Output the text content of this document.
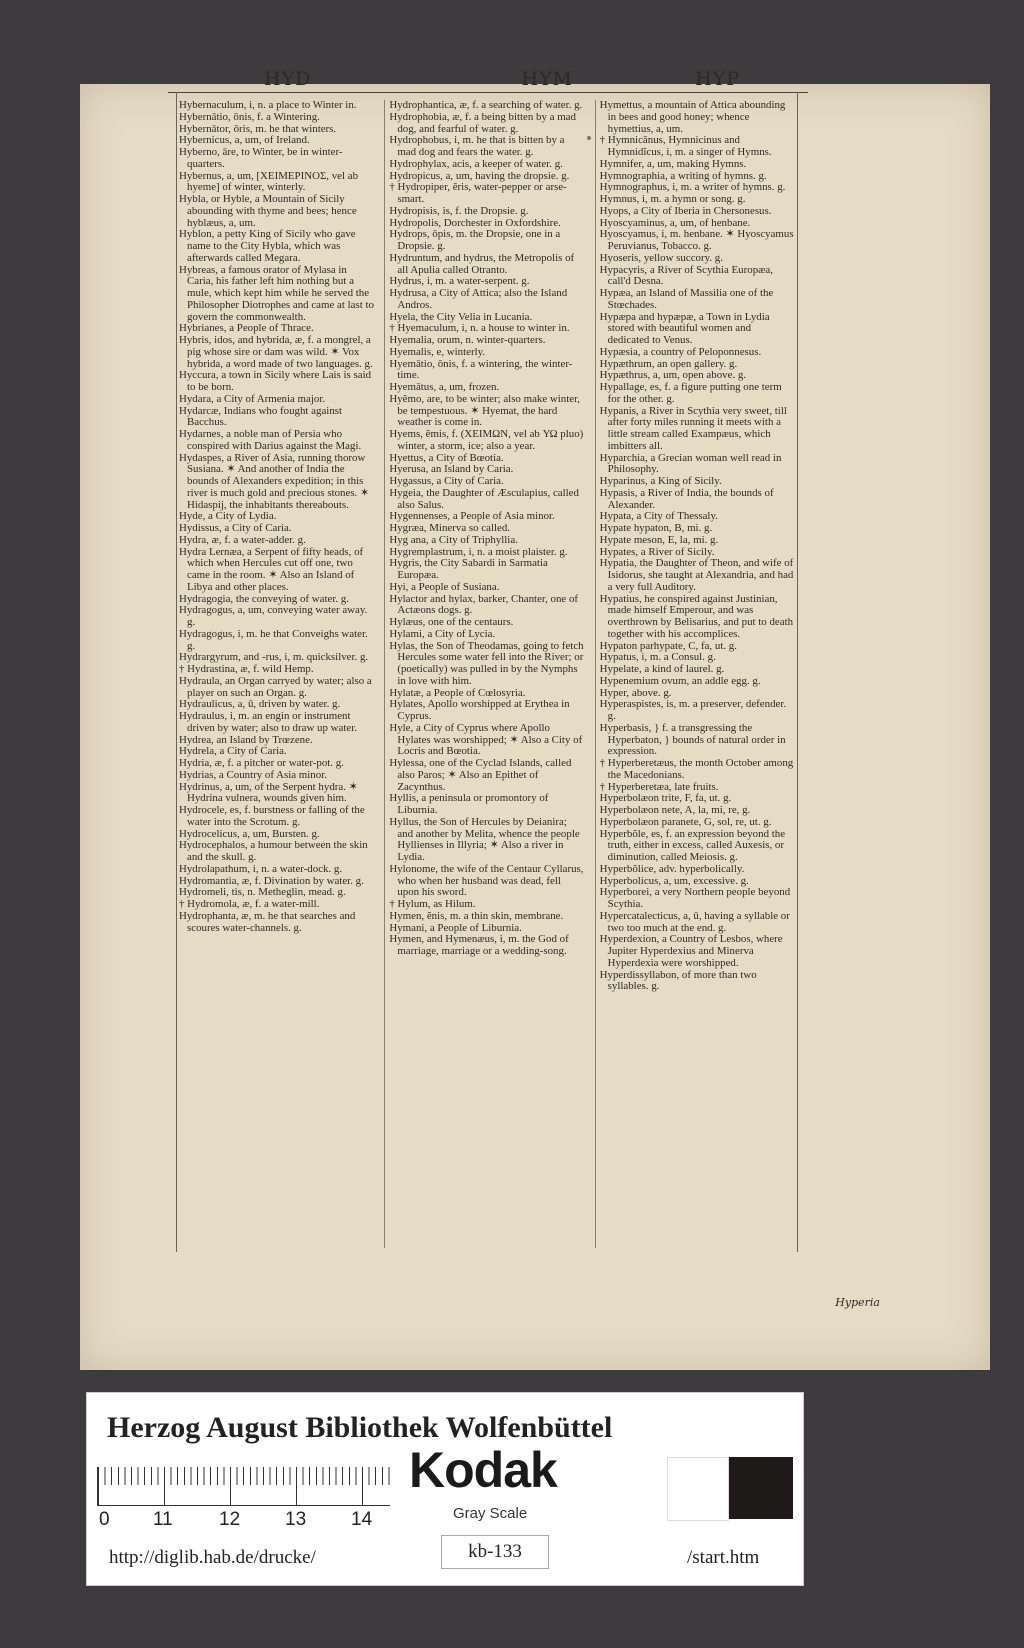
HYD	HYM	HYP

Hybernaculum, i, n. a place to Winter in.

Hybernātio, ōnis, f. a Wintering.

Hybernātor, ōris, m. he that winters.

Hybernicus, a, um, of Ireland.

Hyberno, āre, to Winter, be in winter-quarters.

Hybernus, a, um, [ΧΕΙΜΕΡΙΝΟΣ, vel ab hyeme] of winter, winterly.

Hybla, or Hyble, a Mountain of Sicily abounding with thyme and bees; hence hyblæus, a, um.

Hyblon, a petty King of Sicily who gave name to the City Hybla, which was afterwards called Megara.

Hybreas, a famous orator of Mylasa in Caria, his father left him nothing but a mule, which kept him while he served the Philosopher Diotrophes and came at last to govern the commonwealth.

Hybrianes, a People of Thrace.

Hybris, idos, and hybrida, æ, f. a mongrel, a pig whose sire or dam was wild. ✶ Vox hybrida, a word made of two languages. g.

Hyccura, a town in Sicily where Lais is said to be born.

Hydara, a City of Armenia major.

Hydarcæ, Indians who fought against Bacchus.

Hydarnes, a noble man of Persia who conspired with Darius against the Magi.

Hydaspes, a River of Asia, running thorow Susiana. ✶ And another of India the bounds of Alexanders expedition; in this river is much gold and precious stones. ✶ Hidaspij, the inhabitants thereabouts.

Hyde, a City of Lydia.

Hydissus, a City of Caria.

Hydra, æ, f. a water-adder. g.

Hydra Lernæa, a Serpent of fifty heads, of which when Hercules cut off one, two came in the room. ✶ Also an Island of Libya and other places.

Hydragogia, the conveying of water. g.

Hydragogus, a, um, conveying water away. g.

Hydragogus, i, m. he that Conveighs water. g.

Hydrargyrum, and -rus, i, m. quicksilver. g.

† Hydrastina, æ, f. wild Hemp.

Hydraula, an Organ carryed by water; also a player on such an Organ. g.

Hydraulicus, a, ū, driven by water. g.

Hydraulus, i, m. an engin or instrument driven by water; also to draw up water.

Hydrea, an Island by Trœzene.

Hydrela, a City of Caria.

Hydria, æ, f. a pitcher or water-pot. g.

Hydrias, a Country of Asia minor.

Hydrinus, a, um, of the Serpent hydra. ✶ Hydrina vulnera, wounds given him.

Hydrocele, es, f. burstness or falling of the water into the Scrotum. g.

Hydrocelicus, a, um, Bursten. g.

Hydrocephalos, a humour between the skin and the skull. g.

Hydrolapathum, i, n. a water-dock. g.

Hydromantia, æ, f. Divination by water. g.

Hydromeli, tis, n. Metheglin, mead. g.

† Hydromola, æ, f. a water-mill.

Hydrophanta, æ, m. he that searches and scoures water-channels. g.

Hydrophantica, æ, f. a searching of water. g.

Hydrophobia, æ, f. a being bitten by a mad dog, and fearful of water. g.

Hydrophobus, i, m. he that is bitten by a mad dog and fears the water. g.

Hydrophylax, acis, a keeper of water. g.

Hydropicus, a, um, having the dropsie. g.

† Hydropiper, ĕris, water-pepper or arse-smart.

Hydropisis, is, f. the Dropsie. g.

Hydropolis, Dorchester in Oxfordshire.

Hydrops, ōpis, m. the Dropsie, one in a Dropsie. g.

Hydruntum, and hydrus, the Metropolis of all Apulia called Otranto.

Hydrus, i, m. a water-serpent. g.

Hydrusa, a City of Attica; also the Island Andros.

Hyela, the City Velia in Lucania.

† Hyemaculum, i, n. a house to winter in.

Hyemalia, orum, n. winter-quarters.

Hyemalis, e, winterly.

Hyemātio, ōnis, f. a wintering, the winter-time.

Hyemātus, a, um, frozen.

Hyĕmo, are, to be winter; also make winter, be tempestuous. ✶ Hyemat, the hard weather is come in.

Hyems, ĕmis, f. (ΧΕΙΜΩΝ, vel ab ΥΩ pluo) winter, a storm, ice; also a year.

Hyettus, a City of Bœotia.

Hyerusa, an Island by Caria.

Hygassus, a City of Caria.

Hygeia, the Daughter of Æsculapius, called also Salus.

Hygennenses, a People of Asia minor.

Hygræa, Minerva so called.

Hyg ana, a City of Triphyllia.

Hygremplastrum, i, n. a moist plaister. g.

Hygris, the City Sabardi in Sarmatia Europæa.

Hyi, a People of Susiana.

Hylactor and hylax, barker, Chanter, one of Actæons dogs. g.

Hylæus, one of the centaurs.

Hylami, a City of Lycia.

Hylas, the Son of Theodamas, going to fetch Hercules some water fell into the River; or (poetically) was pulled in by the Nymphs in love with him.

Hylatæ, a People of Cœlosyria.

Hylates, Apollo worshipped at Erythea in Cyprus.

Hyle, a City of Cyprus where Apollo Hylates was worshipped; ✶ Also a City of Locris and Bœotia.

Hylessa, one of the Cyclad Islands, called also Paros; ✶ Also an Epithet of Zacynthus.

Hyllis, a peninsula or promontory of Liburnia.

Hyllus, the Son of Hercules by Deianira; and another by Melita, whence the people Hyllienses in Illyria; ✶ Also a river in Lydia.

Hylonome, the wife of the Centaur Cyllarus, who when her husband was dead, fell upon his sword.

† Hylum, as Hilum.

Hymen, ĕnis, m. a thin skin, membrane.

Hymani, a People of Liburnia.

Hymen, and Hymenæus, i, m. the God of marriage, marriage or a wedding-song.

Hymettus, a mountain of Attica abounding in bees and good honey; whence hymettius, a, um.

† Hymnicānus, Hymnicinus and Hymnidĭcus, i, m. a singer of Hymns.

Hymnifer, a, um, making Hymns.

Hymnographia, a writing of hymns. g.

Hymnographus, i, m. a writer of hymns. g.

Hymnus, i, m. a hymn or song. g.

Hyops, a City of Iberia in Chersonesus.

Hyoscyaminus, a, um, of henbane.

Hyoscyamus, i, m. henbane. ✶ Hyoscyamus Peruvianus, Tobacco. g.

Hyoseris, yellow succory. g.

Hypacyris, a River of Scythia Europæa, call'd Desna.

Hypæa, an Island of Massilia one of the Stœchades.

Hypæpa and hypæpæ, a Town in Lydia stored with beautiful women and dedicated to Venus.

Hypæsia, a country of Peloponnesus.

Hypæthrum, an open gallery. g.

Hypæthrus, a, um, open above. g.

Hypallage, es, f. a figure putting one term for the other. g.

Hypanis, a River in Scythia very sweet, till after forty miles running it meets with a little stream called Exampæus, which imbitters all.

Hyparchia, a Grecian woman well read in Philosophy.

Hyparinus, a King of Sicily.

Hypasis, a River of India, the bounds of Alexander.

Hypata, a City of Thessaly.

Hypate hypaton, B, mi. g.

Hypate meson, E, la, mi. g.

Hypates, a River of Sicily.

Hypatia, the Daughter of Theon, and wife of Isidorus, she taught at Alexandria, and had a very full Auditory.

Hypatius, he conspired against Justinian, made himself Emperour, and was overthrown by Belisarius, and put to death together with his accomplices.

Hypaton parhypate, C, fa, ut. g.

Hypatus, i, m. a Consul. g.

Hypelate, a kind of laurel. g.

Hypenemium ovum, an addle egg. g.

Hyper, above. g.

Hyperaspistes, is, m. a preserver, defender. g.

Hyperbasis, } f. a transgressing the Hyperbaton, } bounds of natural order in expression.

† Hyperberetæus, the month October among the Macedonians.

† Hyperberetæa, late fruits.

Hyperbolæon trite, F, fa, ut. g.

Hyperbolæon nete, A, la, mi, re, g.

Hyperbolæon paranete, G, sol, re, ut. g.

Hyperbŏle, es, f. an expression beyond the truth, either in excess, called Auxesis, or diminution, called Meiosis. g.

Hyperbŏlice, adv. hyperbolically.

Hyperbolicus, a, um, excessive. g.

Hyperborei, a very Northern people beyond Scythia.

Hypercatalecticus, a, ū, having a syllable or two too much at the end. g.

Hyperdexion, a Country of Lesbos, where Jupiter Hyperdexius and Minerva Hyperdexia were worshipped.

Hyperdissyllabon, of more than two syllables. g.

Hyperia
Herzog August Bibliothek Wolfenbüttel
0 11 12 13 14
Kodak
Gray Scale
http://diglib.hab.de/drucke/	kb-133	/start.htm
